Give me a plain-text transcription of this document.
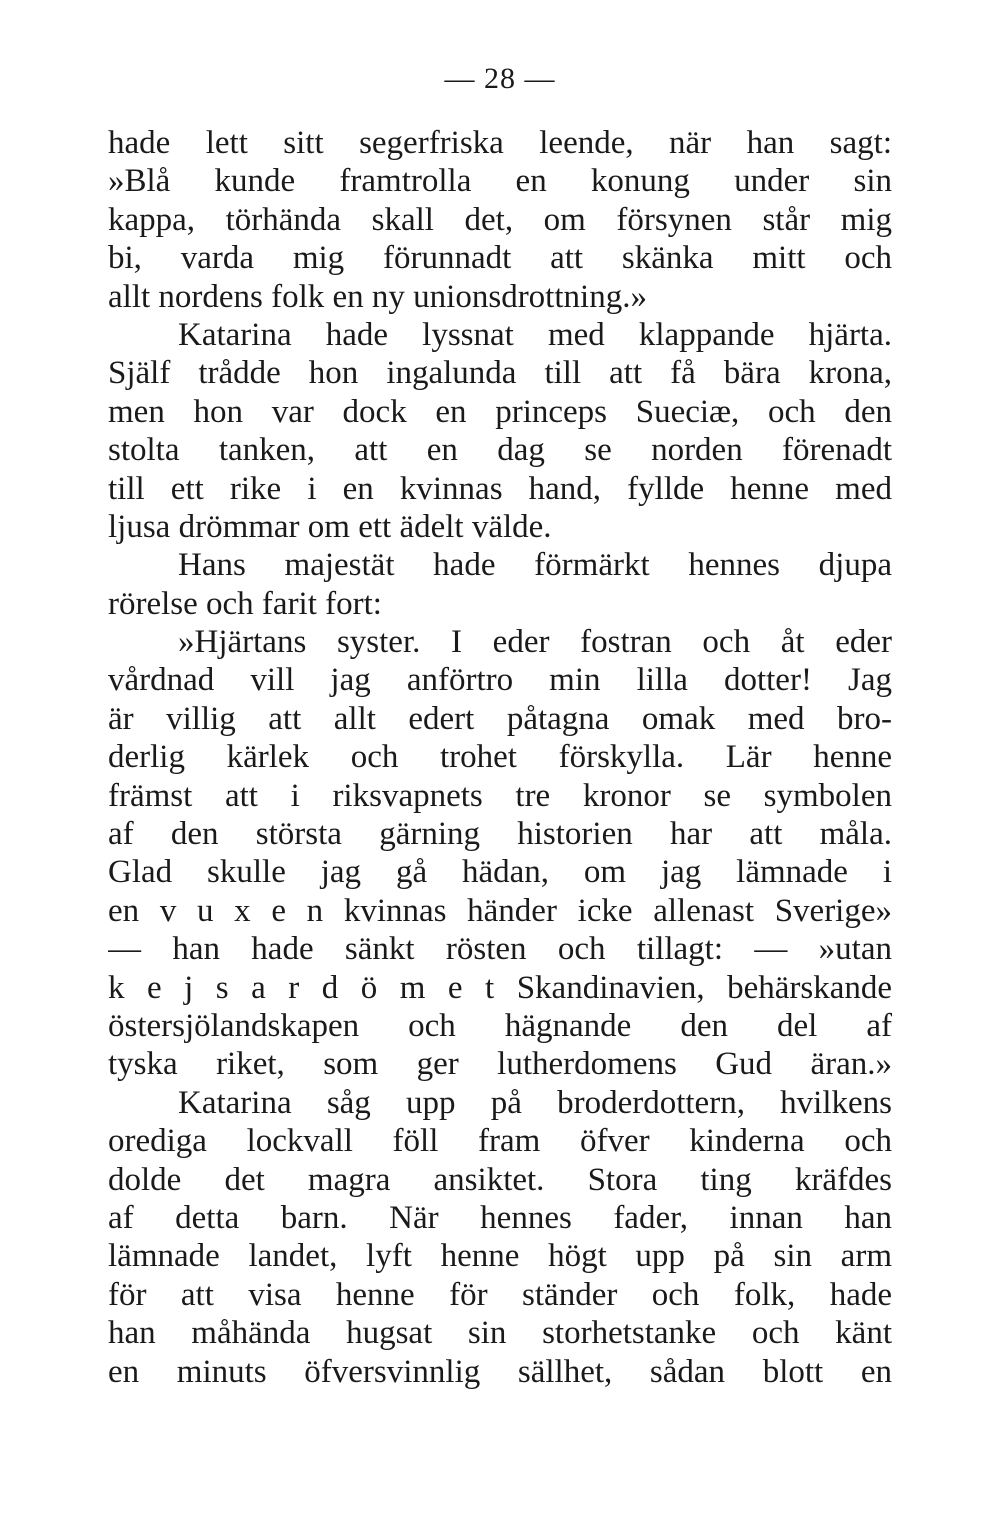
— 28 —
hade lett sitt segerfriska leende, när han sagt:
»Blå kunde framtrolla en konung under sin
kappa, törhända skall det, om försynen står mig
bi, varda mig förunnadt att skänka mitt och
allt nordens folk en ny unionsdrottning.»
Katarina hade lyssnat med klappande hjärta.
Själf trådde hon ingalunda till att få bära krona,
men hon var dock en princeps Sueciæ, och den
stolta tanken, att en dag se norden förenadt
till ett rike i en kvinnas hand, fyllde henne med
ljusa drömmar om ett ädelt välde.
Hans majestät hade förmärkt hennes djupa
rörelse och farit fort:
»Hjärtans syster. I eder fostran och åt eder
vårdnad vill jag anförtro min lilla dotter! Jag
är villig att allt edert påtagna omak med bro-
derlig kärlek och trohet förskylla. Lär henne
främst att i riksvapnets tre kronor se symbolen
af den största gärning historien har att måla.
Glad skulle jag gå hädan, om jag lämnade i
en v u x e n kvinnas händer icke allenast Sverige»
— han hade sänkt rösten och tillagt: — »utan
k e j s a r d ö m e t Skandinavien, behärskande
östersjölandskapen och hägnande den del af
tyska riket, som ger lutherdomens Gud äran.»
Katarina såg upp på broderdottern, hvilkens
orediga lockvall föll fram öfver kinderna och
dolde det magra ansiktet. Stora ting kräfdes
af detta barn. När hennes fader, innan han
lämnade landet, lyft henne högt upp på sin arm
för att visa henne för ständer och folk, hade
han måhända hugsat sin storhetstanke och känt
en minuts öfversvinnlig sällhet, sådan blott en
